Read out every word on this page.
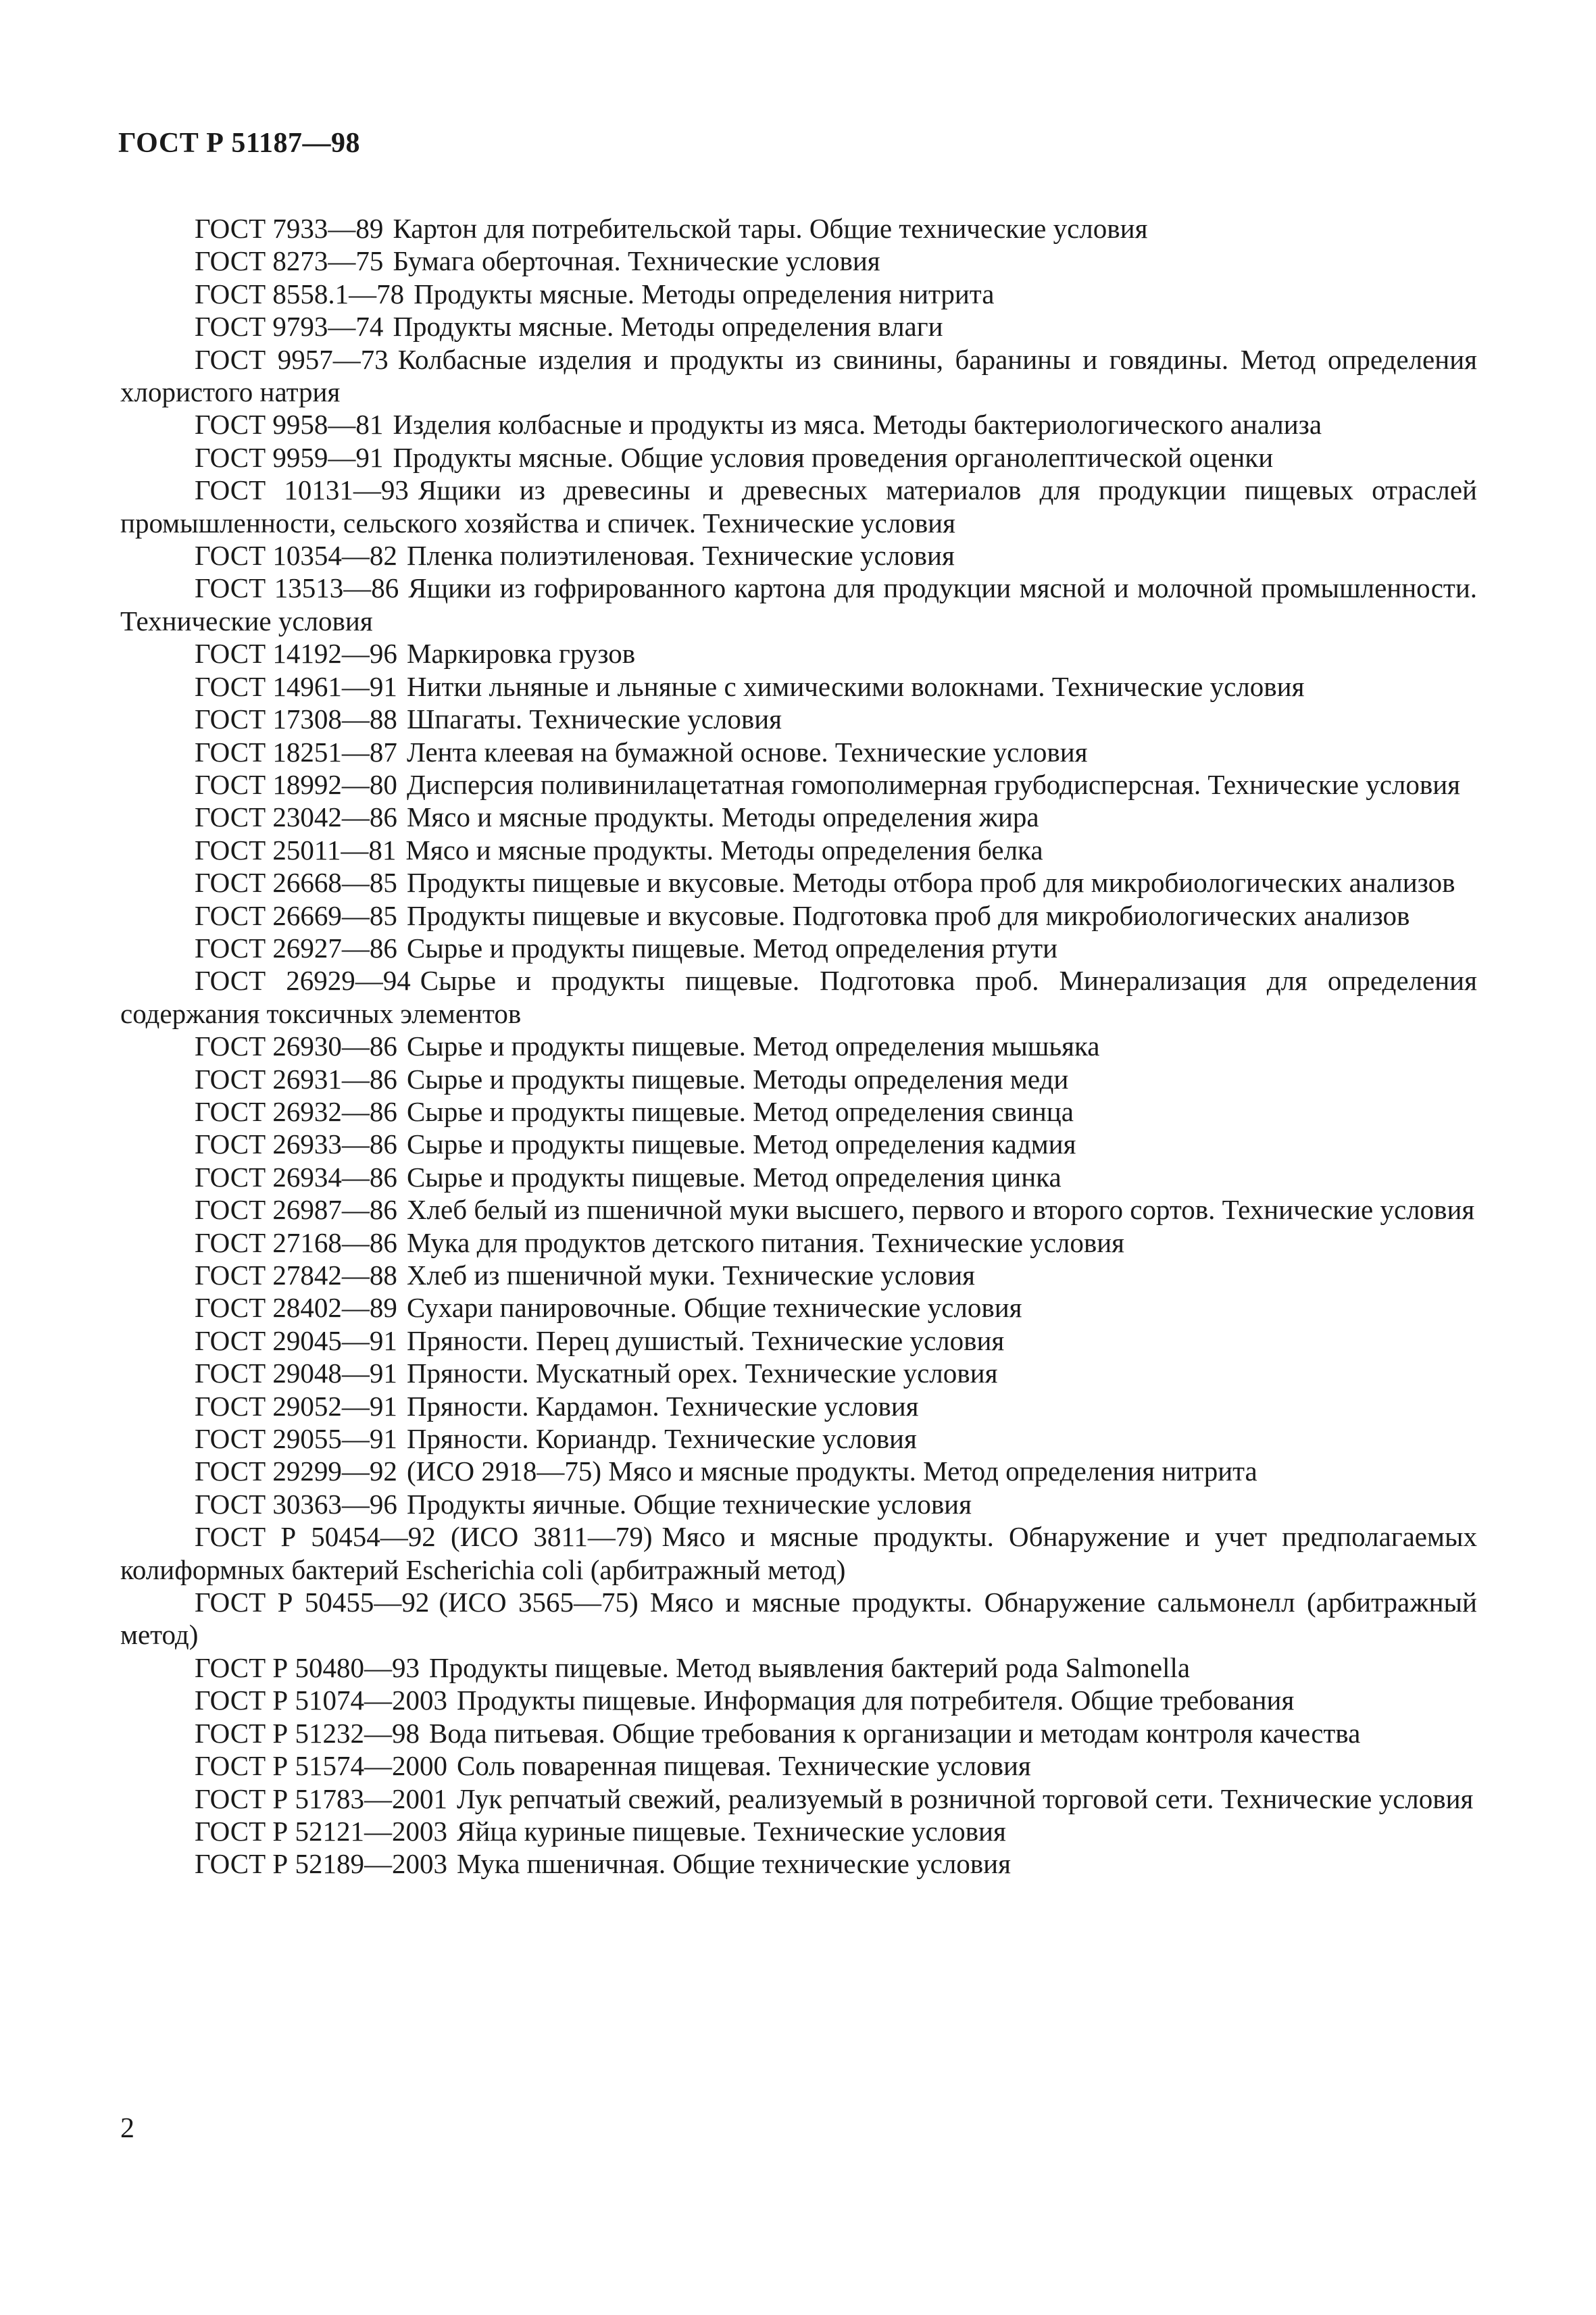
ГОСТ Р 51187—98
ГОСТ 7933—89 Картон для потребительской тары. Общие технические условия
ГОСТ 8273—75 Бумага оберточная. Технические условия
ГОСТ 8558.1—78 Продукты мясные. Методы определения нитрита
ГОСТ 9793—74 Продукты мясные. Методы определения влаги
ГОСТ 9957—73 Колбасные изделия и продукты из свинины, баранины и говядины. Метод определения хлористого натрия
ГОСТ 9958—81 Изделия колбасные и продукты из мяса. Методы бактериологического анализа
ГОСТ 9959—91 Продукты мясные. Общие условия проведения органолептической оценки
ГОСТ 10131—93 Ящики из древесины и древесных материалов для продукции пищевых отраслей промышленности, сельского хозяйства и спичек. Технические условия
ГОСТ 10354—82 Пленка полиэтиленовая. Технические условия
ГОСТ 13513—86 Ящики из гофрированного картона для продукции мясной и молочной промышленности. Технические условия
ГОСТ 14192—96 Маркировка грузов
ГОСТ 14961—91 Нитки льняные и льняные с химическими волокнами. Технические условия
ГОСТ 17308—88 Шпагаты. Технические условия
ГОСТ 18251—87 Лента клеевая на бумажной основе. Технические условия
ГОСТ 18992—80 Дисперсия поливинилацетатная гомополимерная грубодисперсная. Технические условия
ГОСТ 23042—86 Мясо и мясные продукты. Методы определения жира
ГОСТ 25011—81 Мясо и мясные продукты. Методы определения белка
ГОСТ 26668—85 Продукты пищевые и вкусовые. Методы отбора проб для микробиологических анализов
ГОСТ 26669—85 Продукты пищевые и вкусовые. Подготовка проб для микробиологических анализов
ГОСТ 26927—86 Сырье и продукты пищевые. Метод определения ртути
ГОСТ 26929—94 Сырье и продукты пищевые. Подготовка проб. Минерализация для определения содержания токсичных элементов
ГОСТ 26930—86 Сырье и продукты пищевые. Метод определения мышьяка
ГОСТ 26931—86 Сырье и продукты пищевые. Методы определения меди
ГОСТ 26932—86 Сырье и продукты пищевые. Метод определения свинца
ГОСТ 26933—86 Сырье и продукты пищевые. Метод определения кадмия
ГОСТ 26934—86 Сырье и продукты пищевые. Метод определения цинка
ГОСТ 26987—86 Хлеб белый из пшеничной муки высшего, первого и второго сортов. Технические условия
ГОСТ 27168—86 Мука для продуктов детского питания. Технические условия
ГОСТ 27842—88 Хлеб из пшеничной муки. Технические условия
ГОСТ 28402—89 Сухари панировочные. Общие технические условия
ГОСТ 29045—91 Пряности. Перец душистый. Технические условия
ГОСТ 29048—91 Пряности. Мускатный орех. Технические условия
ГОСТ 29052—91 Пряности. Кардамон. Технические условия
ГОСТ 29055—91 Пряности. Кориандр. Технические условия
ГОСТ 29299—92 (ИСО 2918—75) Мясо и мясные продукты. Метод определения нитрита
ГОСТ 30363—96 Продукты яичные. Общие технические условия
ГОСТ Р 50454—92 (ИСО 3811—79) Мясо и мясные продукты. Обнаружение и учет предполагаемых колиформных бактерий Escherichia coli (арбитражный метод)
ГОСТ Р 50455—92 (ИСО 3565—75) Мясо и мясные продукты. Обнаружение сальмонелл (арбитражный метод)
ГОСТ Р 50480—93 Продукты пищевые. Метод выявления бактерий рода Salmonella
ГОСТ Р 51074—2003 Продукты пищевые. Информация для потребителя. Общие требования
ГОСТ Р 51232—98 Вода питьевая. Общие требования к организации и методам контроля качества
ГОСТ Р 51574—2000 Соль поваренная пищевая. Технические условия
ГОСТ Р 51783—2001 Лук репчатый свежий, реализуемый в розничной торговой сети. Технические условия
ГОСТ Р 52121—2003 Яйца куриные пищевые. Технические условия
ГОСТ Р 52189—2003 Мука пшеничная. Общие технические условия

2
